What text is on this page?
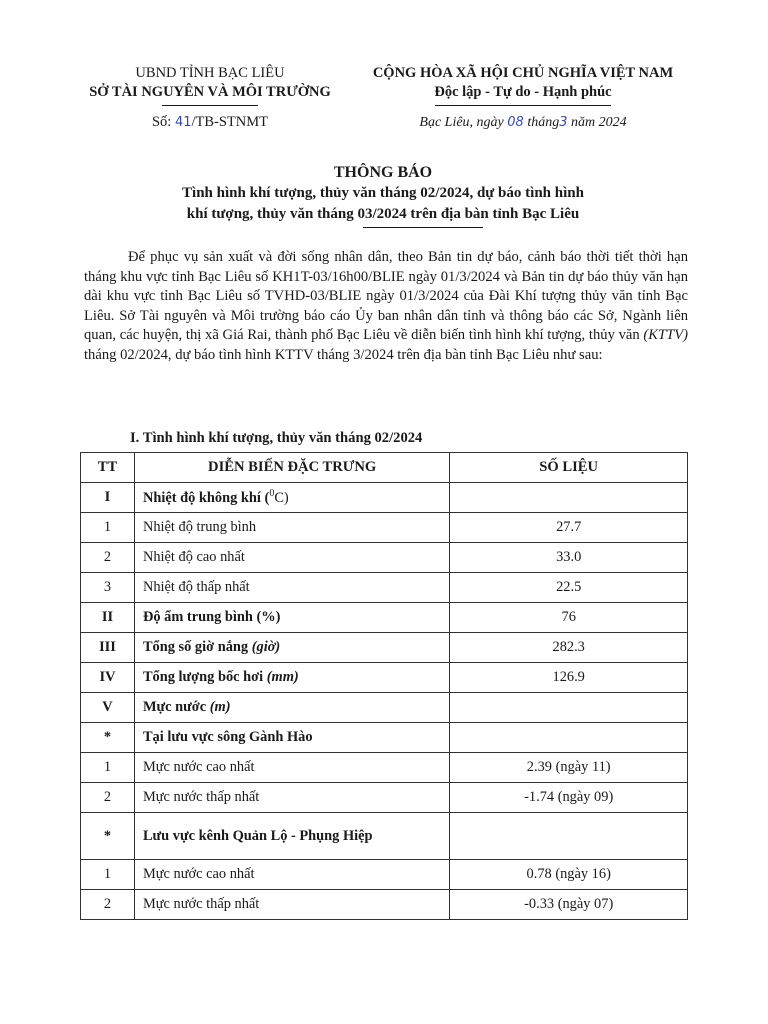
UBND TỈNH BẠC LIÊU
SỞ TÀI NGUYÊN VÀ MÔI TRƯỜNG
Số: 41/TB-STNMT
CỘNG HÒA XÃ HỘI CHỦ NGHĨA VIỆT NAM
Độc lập - Tự do - Hạnh phúc
Bạc Liêu, ngày 08 tháng3 năm 2024
THÔNG BÁO
Tình hình khí tượng, thủy văn tháng 02/2024, dự báo tình hình
khí tượng, thủy văn tháng 03/2024 trên địa bàn tỉnh Bạc Liêu
Để phục vụ sản xuất và đời sống nhân dân, theo Bản tin dự báo, cảnh báo thời tiết thời hạn tháng khu vực tỉnh Bạc Liêu số KH1T-03/16h00/BLIE ngày 01/3/2024 và Bản tin dự báo thủy văn hạn dài khu vực tỉnh Bạc Liêu số TVHD-03/BLIE ngày 01/3/2024 của Đài Khí tượng thủy văn tỉnh Bạc Liêu. Sở Tài nguyên và Môi trường báo cáo Ủy ban nhân dân tỉnh và thông báo các Sở, Ngành liên quan, các huyện, thị xã Giá Rai, thành phố Bạc Liêu về diễn biến tình hình khí tượng, thủy văn (KTTV) tháng 02/2024, dự báo tình hình KTTV tháng 3/2024 trên địa bàn tỉnh Bạc Liêu như sau:
I. Tình hình khí tượng, thủy văn tháng 02/2024
TT	DIỄN BIẾN ĐẶC TRƯNG	SỐ LIỆU
I	Nhiệt độ không khí ($^0$C)	
1	Nhiệt độ trung bình	27.7
2	Nhiệt độ cao nhất	33.0
3	Nhiệt độ thấp nhất	22.5
II	Độ ẩm trung bình (%)	76
III	Tổng số giờ nắng (giờ)	282.3
IV	Tổng lượng bốc hơi (mm)	126.9
V	Mực nước (m)	
*	Tại lưu vực sông Gành Hào	
1	Mực nước cao nhất	2.39 (ngày 11)
2	Mực nước thấp nhất	-1.74 (ngày 09)
*	Lưu vực kênh Quản Lộ - Phụng Hiệp	
1	Mực nước cao nhất	0.78 (ngày 16)
2	Mực nước thấp nhất	-0.33 (ngày 07)
